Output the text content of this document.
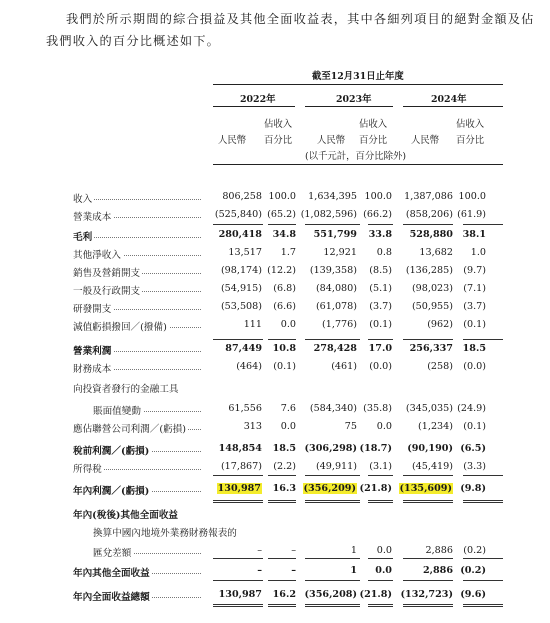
我們於所示期間的綜合損益及其他全面收益表，其中各細列項目的絕對金額及佔
我們收入的百分比概述如下。
截至12月31日止年度
2022年	2023年	2024年
佔收入	佔收入	佔收入
人民幣 百分比	人民幣 百分比	人民幣 百分比
(以千元計，百分比除外)
收入	806,258 100.0 1,634,395 100.0 1,387,086 100.0
營業成本	(525,840) (65.2) (1,082,596) (66.2) (858,206) (61.9)
毛利	280,418 34.8 551,799 33.8 528,880 38.1
其他淨收入	13,517 1.7	12,921 0.8	13,682 1.0
銷售及營銷開支	(98,174) (12.2) (139,358) (8.5) (136,285) (9.7)
一般及行政開支	(54,915) (6.8) (84,080) (5.1) (98,023) (7.1)
研發開支	(53,508) (6.6) (61,078) (3.7) (50,955) (3.7)
減值虧損撥回／(撥備)	111 0.0	(1,776) (0.1)	(962) (0.1)
營業利潤	87,449 10.8 278,428 17.0 256,337 18.5
財務成本	(464) (0.1)	(461) (0.0)	(258) (0.0)
向投資者發行的金融工具
賬面值變動	61,556 7.6 (584,340) (35.8) (345,035) (24.9)
應佔聯營公司利潤／(虧損)	313 0.0	75 0.0	(1,234) (0.1)
稅前利潤／(虧損)	148,854 18.5 (306,298) (18.7) (90,190) (6.5)
所得稅	(17,867) (2.2) (49,911) (3.1) (45,419) (3.3)
年內利潤／(虧損)	130,987 16.3 (356,209) (21.8) (135,609) (9.8)
年內(稅後)其他全面收益
換算中國內地境外業務財務報表的
匯兌差額	–	–	1 0.0	2,886 (0.2)
年內其他全面收益	–	–	1 0.0	2,886 (0.2)
年內全面收益總額	130,987 16.2 (356,208) (21.8) (132,723) (9.6)
